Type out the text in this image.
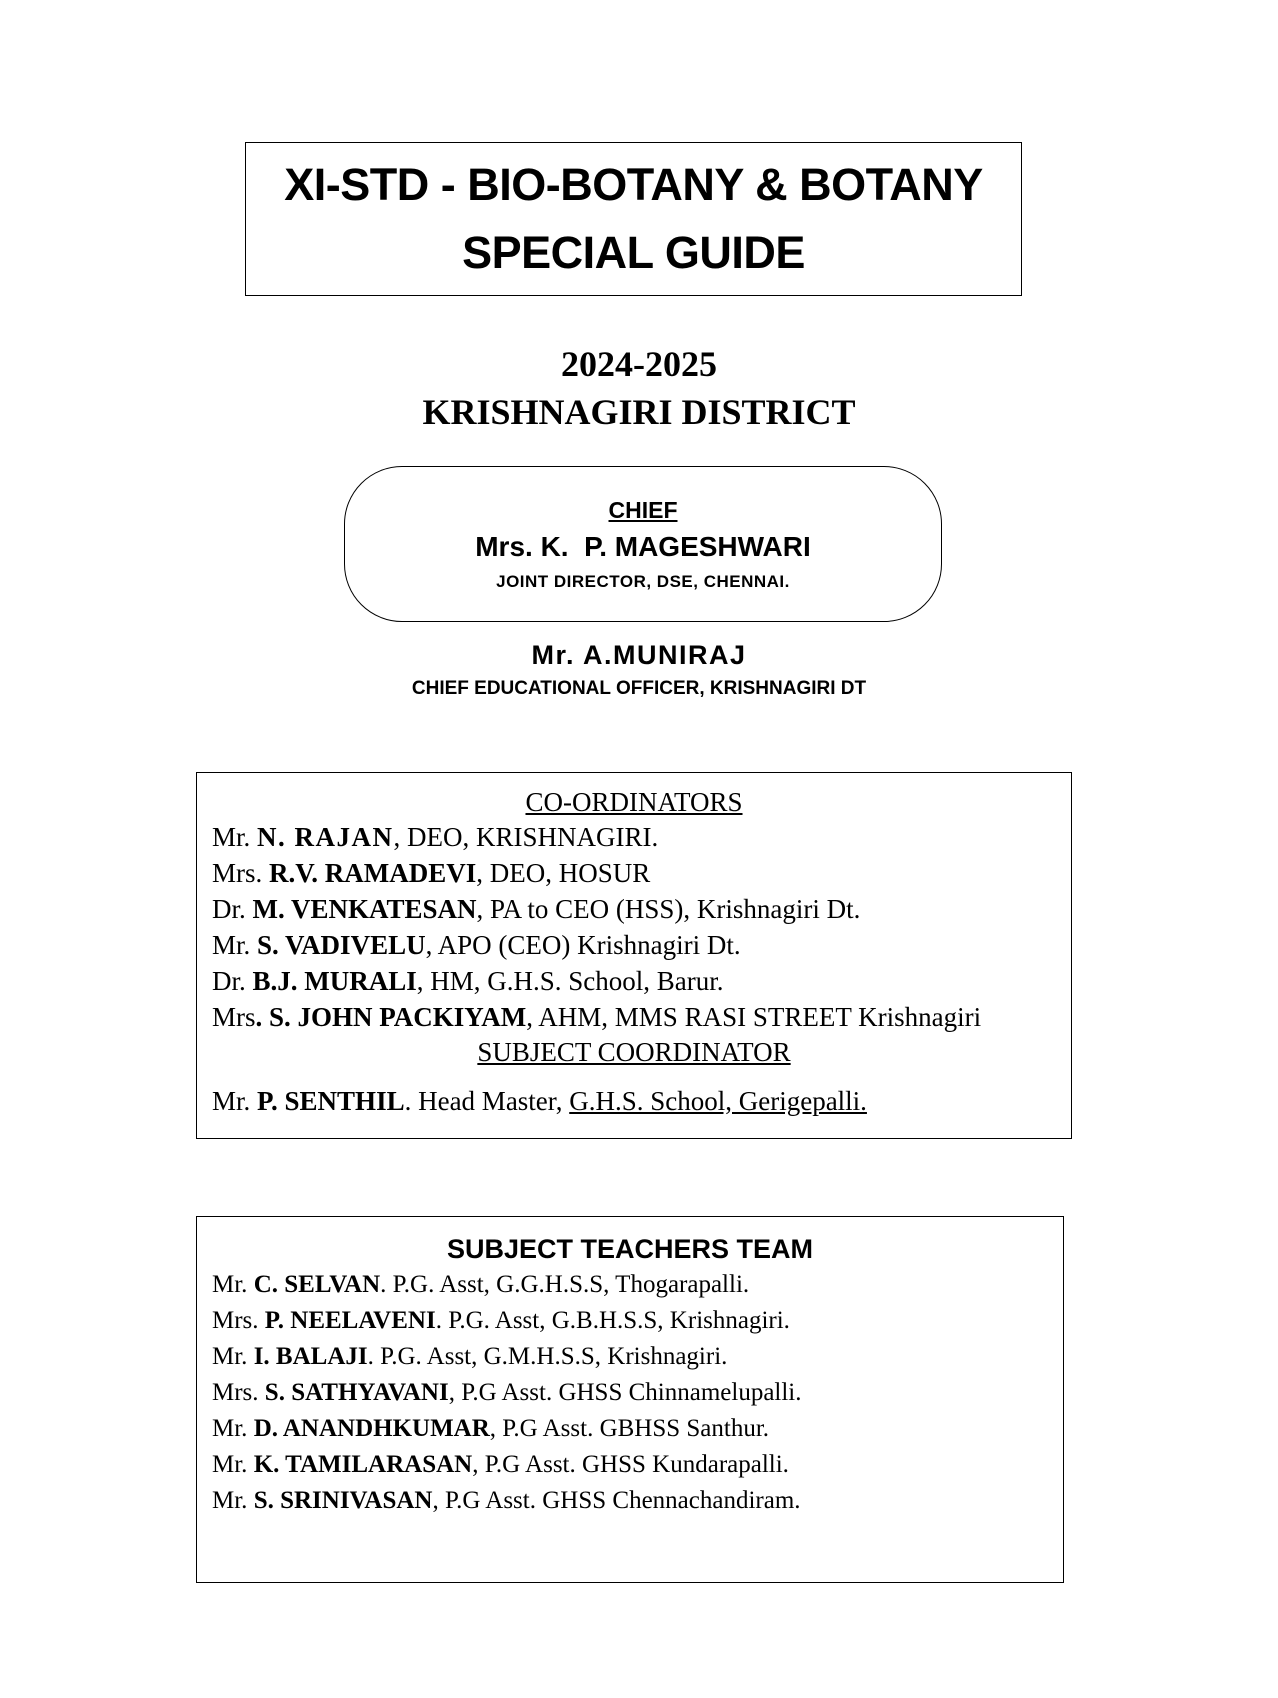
XI-STD - BIO-BOTANY & BOTANY
SPECIAL GUIDE
2024-2025
KRISHNAGIRI DISTRICT
CHIEF
Mrs. K.  P. MAGESHWARI
JOINT DIRECTOR, DSE, CHENNAI.
Mr. A.MUNIRAJ
CHIEF EDUCATIONAL OFFICER, KRISHNAGIRI DT
CO-ORDINATORS
Mr. N. RAJAN, DEO, KRISHNAGIRI.
Mrs. R.V. RAMADEVI, DEO, HOSUR
Dr. M. VENKATESAN, PA to CEO (HSS), Krishnagiri Dt.
Mr. S. VADIVELU, APO (CEO) Krishnagiri Dt.
Dr. B.J. MURALI, HM, G.H.S. School, Barur.
Mrs. S. JOHN PACKIYAM, AHM, MMS RASI STREET Krishnagiri
SUBJECT COORDINATOR
Mr. P. SENTHIL. Head Master, G.H.S. School, Gerigepalli.
SUBJECT TEACHERS TEAM
Mr. C. SELVAN. P.G. Asst, G.G.H.S.S, Thogarapalli.
Mrs. P. NEELAVENI. P.G. Asst, G.B.H.S.S, Krishnagiri.
Mr. I. BALAJI. P.G. Asst, G.M.H.S.S, Krishnagiri.
Mrs. S. SATHYAVANI, P.G Asst. GHSS Chinnamelupalli.
Mr. D. ANANDHKUMAR, P.G Asst. GBHSS Santhur.
Mr. K. TAMILARASAN, P.G Asst. GHSS Kundarapalli.
Mr. S. SRINIVASAN, P.G Asst. GHSS Chennachandiram.
